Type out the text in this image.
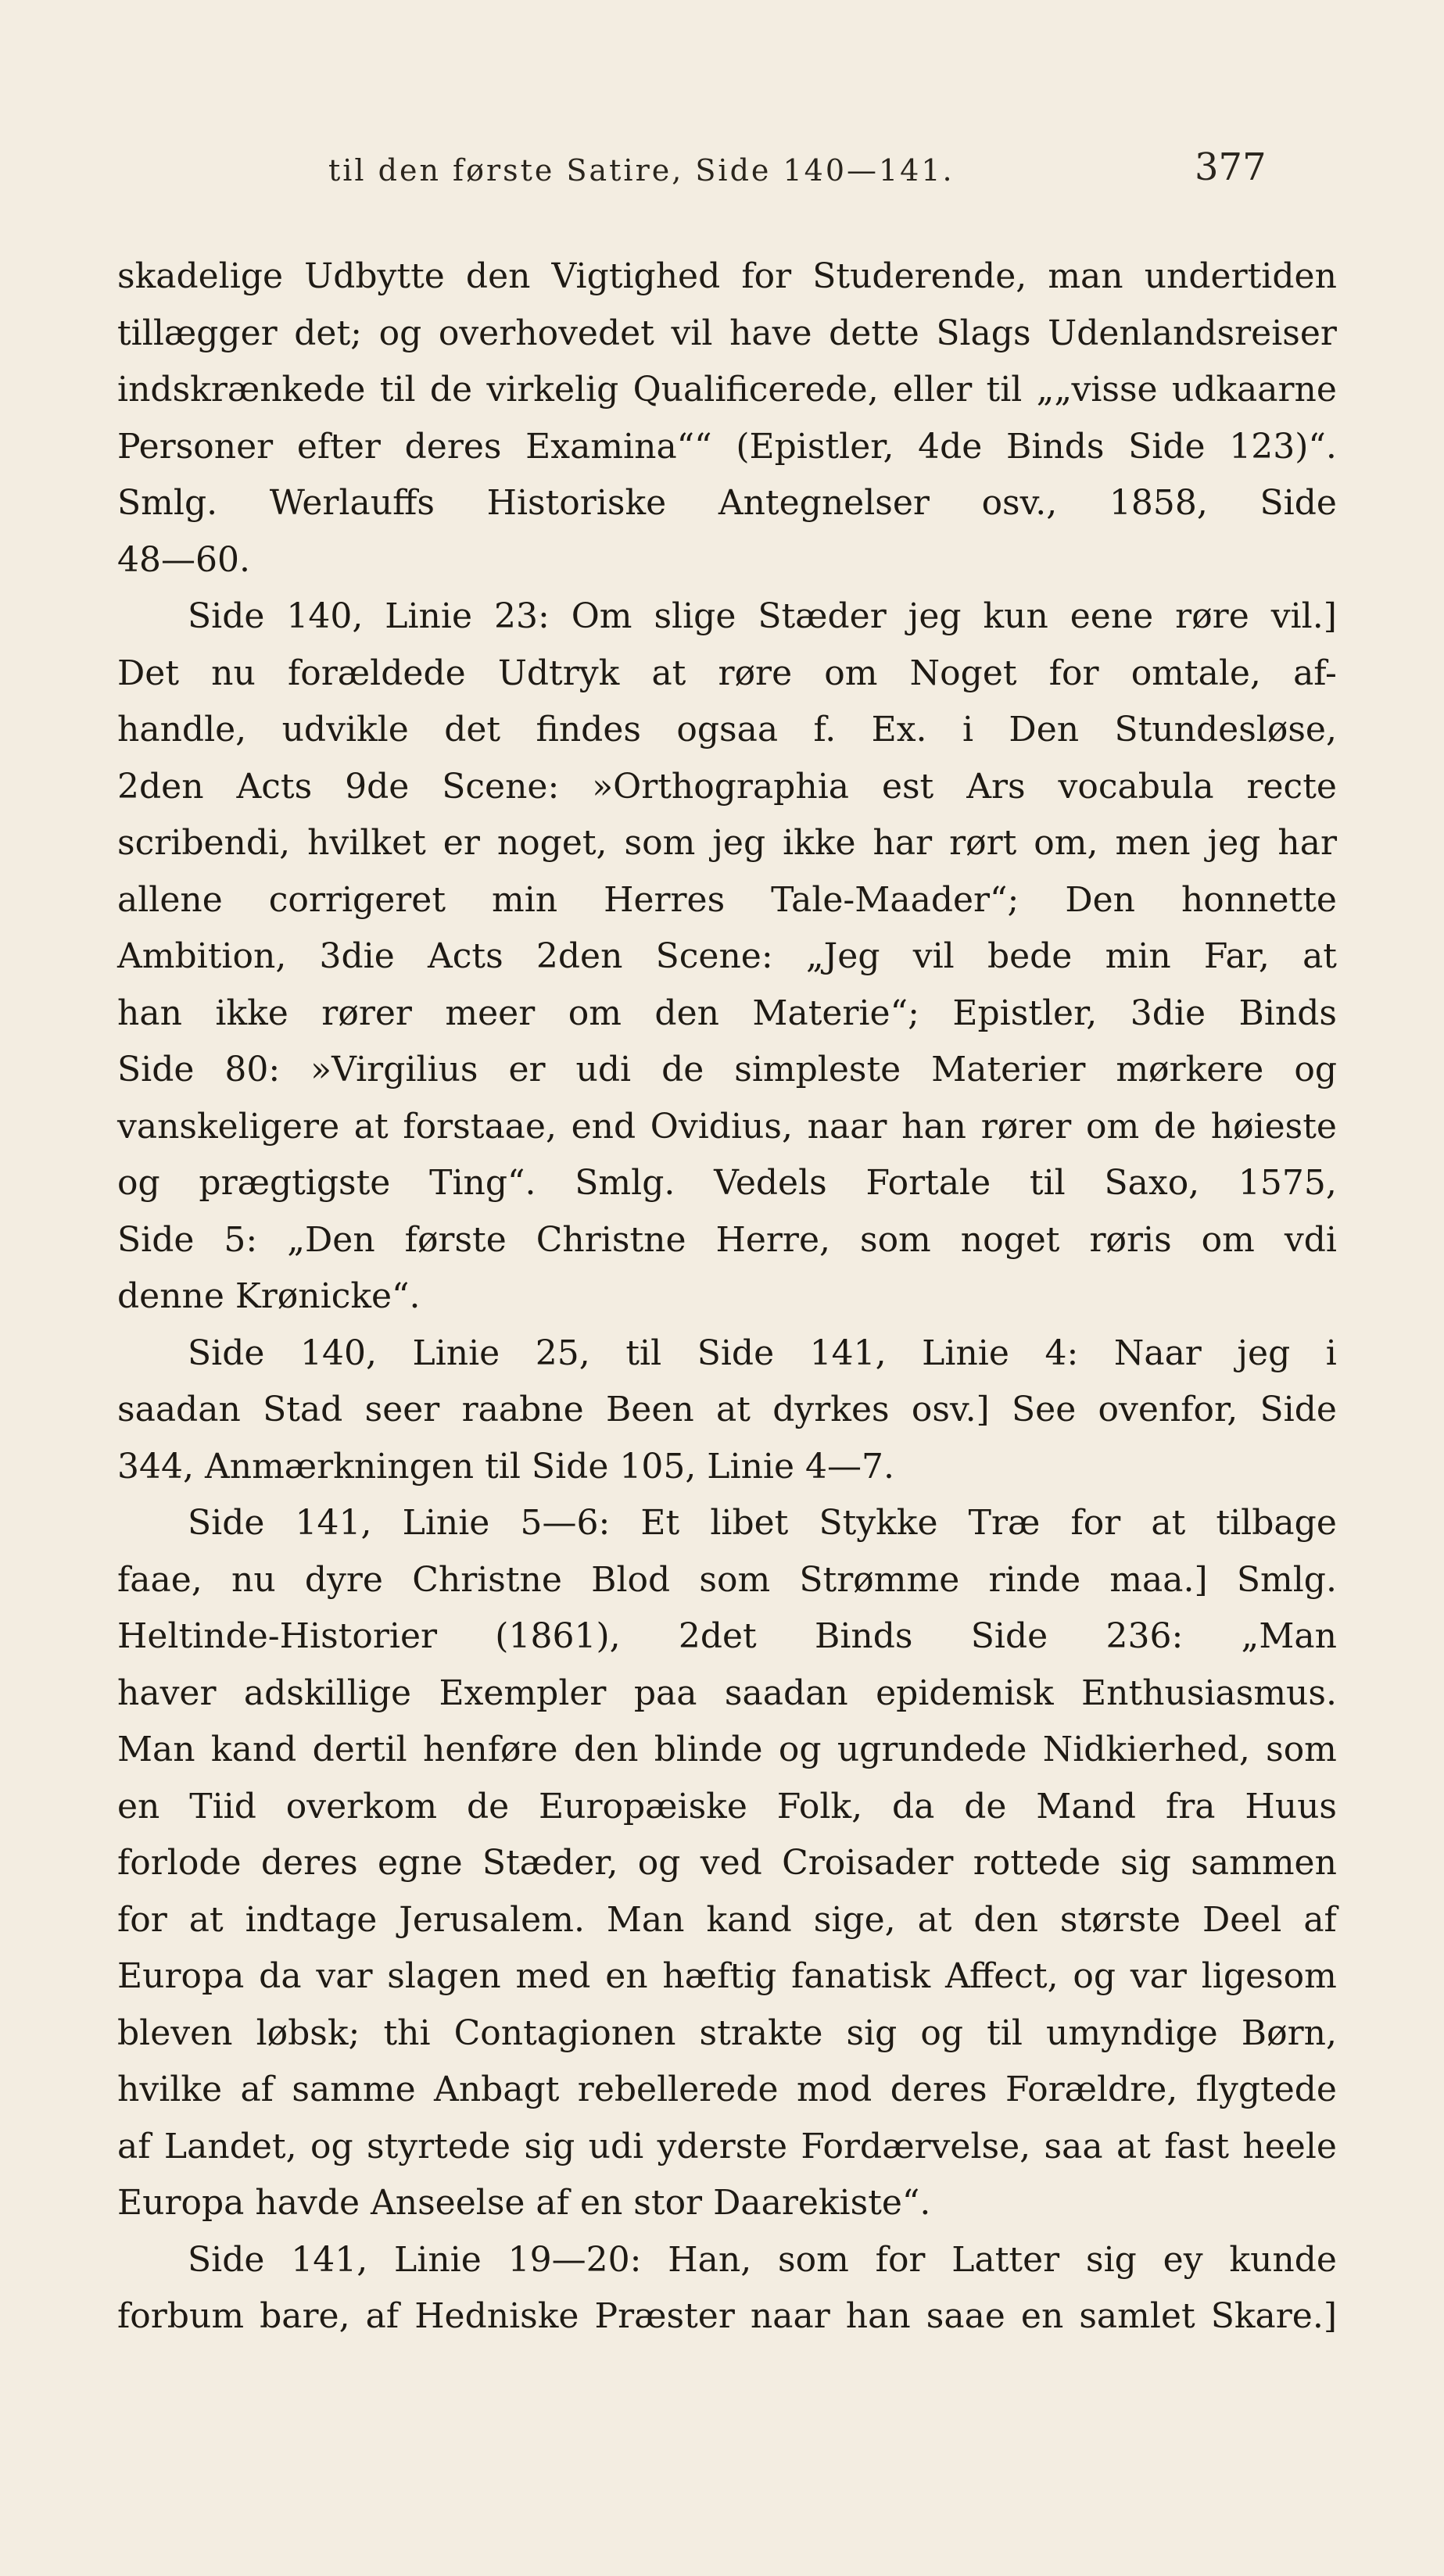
til den første Satire, Side 140—141.	377
skadelige Udbytte den Vigtighed for Studerende, man undertiden
tillægger det; og overhovedet vil have dette Slags Udenlandsreiser
indskrænkede til de virkelig Qualificerede, eller til „„visse udkaarne
Personer efter deres Examina““ (Epistler, 4de Binds Side 123)“.
Smlg. Werlauffs Historiske Antegnelser osv., 1858, Side
48—60.
Side 140, Linie 23: Om slige Stæder jeg kun eene røre vil.]
Det nu forældede Udtryk at røre om Noget for omtale, af-
handle, udvikle det findes ogsaa f. Ex. i Den Stundesløse,
2den Acts 9de Scene: »Orthographia est Ars vocabula recte
scribendi, hvilket er noget, som jeg ikke har rørt om, men jeg har
allene corrigeret min Herres Tale-Maader“; Den honnette
Ambition, 3die Acts 2den Scene: „Jeg vil bede min Far, at
han ikke rører meer om den Materie“; Epistler, 3die Binds
Side 80: »Virgilius er udi de simpleste Materier mørkere og
vanskeligere at forstaae, end Ovidius, naar han rører om de høieste
og prægtigste Ting“. Smlg. Vedels Fortale til Saxo, 1575,
Side 5: „Den første Christne Herre, som noget røris om vdi
denne Krønicke“.
Side 140, Linie 25, til Side 141, Linie 4: Naar jeg i
saadan Stad seer raabne Been at dyrkes osv.] See ovenfor, Side
344, Anmærkningen til Side 105, Linie 4—7.
Side 141, Linie 5—6: Et libet Stykke Træ for at tilbage
faae, nu dyre Christne Blod som Strømme rinde maa.] Smlg.
Heltinde-Historier (1861), 2det Binds Side 236: „Man
haver adskillige Exempler paa saadan epidemisk Enthusiasmus.
Man kand dertil henføre den blinde og ugrundede Nidkierhed, som
en Tiid overkom de Europæiske Folk, da de Mand fra Huus
forlode deres egne Stæder, og ved Croisader rottede sig sammen
for at indtage Jerusalem. Man kand sige, at den største Deel af
Europa da var slagen med en hæftig fanatisk Affect, og var ligesom
bleven løbsk; thi Contagionen strakte sig og til umyndige Børn,
hvilke af samme Anbagt rebellerede mod deres Forældre, flygtede
af Landet, og styrtede sig udi yderste Fordærvelse, saa at fast heele
Europa havde Anseelse af en stor Daarekiste“.
Side 141, Linie 19—20: Han, som for Latter sig ey kunde
forbum bare, af Hedniske Præster naar han saae en samlet Skare.]
